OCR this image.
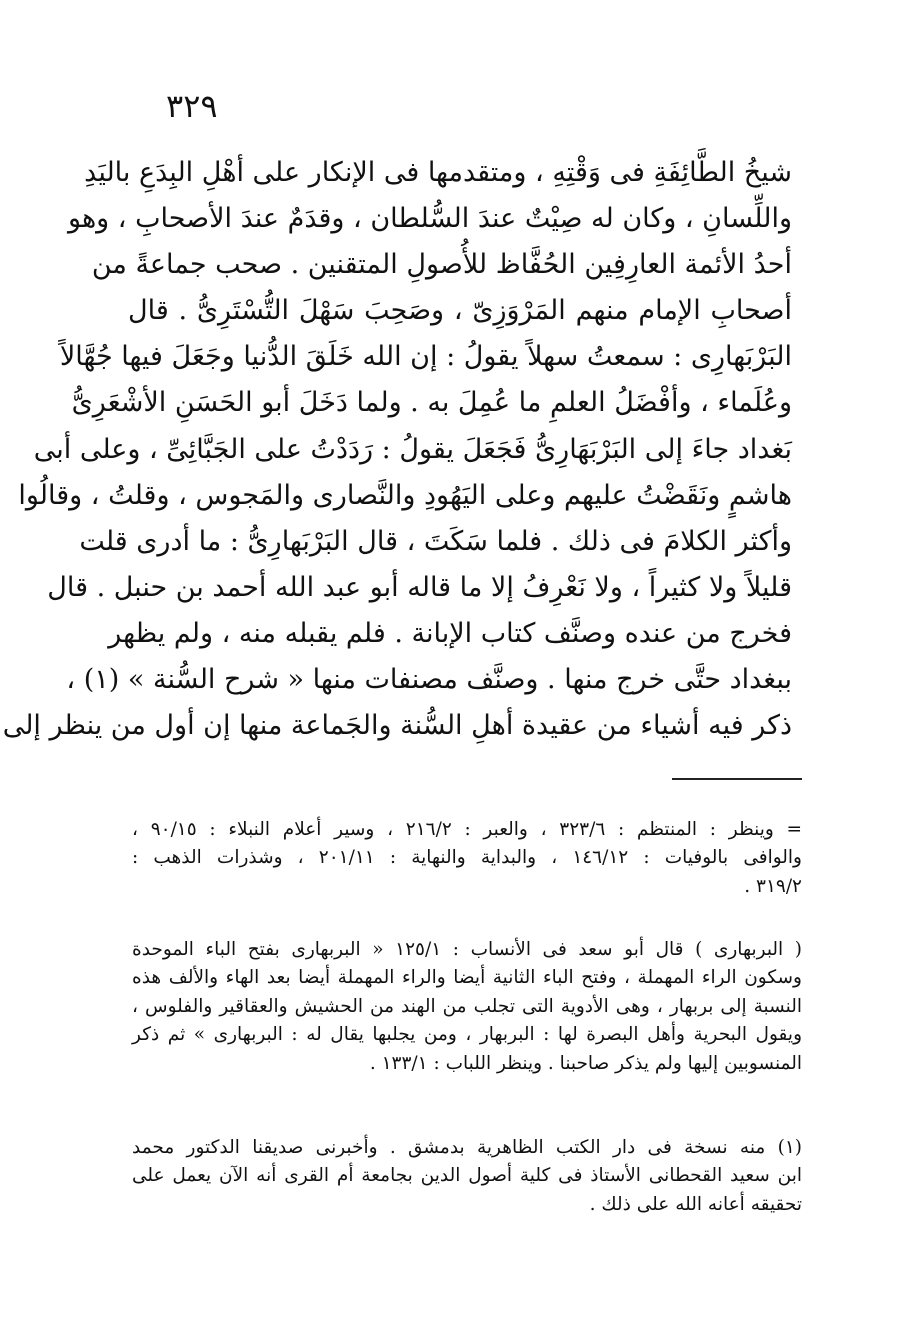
٣٢٩
شيخُ الطَّائِفَةِ فى وَقْتِهِ ، ومتقدمها فى الإنكار على أهْلِ البِدَعِ باليَدِ
واللِّسانِ ، وكان له صِيْتٌ عندَ السُّلطان ، وقدَمٌ عندَ الأصحابِ ، وهو
أحدُ الأئمة العارِفِين الحُفَّاظ للأُصولِ المتقنين . صحب جماعةً من
أصحابِ الإمام منهم المَرْوَزِىّ ، وصَحِبَ سَهْلَ التُّسْتَرِىُّ . قال
البَرْبَهارِى : سمعتُ سهلاً يقولُ : إن الله خَلَقَ الدُّنيا وجَعَلَ فيها جُهَّالاً
وعُلَماء ، وأفْضَلُ العلمِ ما عُمِلَ به . ولما دَخَلَ أبو الحَسَنِ الأشْعَرِىُّ
بَغداد جاءَ إلى البَرْبَهَارِىُّ فَجَعَلَ يقولُ : رَدَدْتُ على الجَبَّائِىِّ ، وعلى أبى
هاشمٍ ونَقَضْتُ عليهم وعلى اليَهُودِ والنَّصارى والمَجوس ، وقلتُ ، وقالُوا
وأكثر الكلامَ فى ذلك . فلما سَكَتَ ، قال البَرْبَهارِىُّ : ما أدرى قلت
قليلاً ولا كثيراً ، ولا نَعْرِفُ إلا ما قاله أبو عبد الله أحمد بن حنبل . قال
فخرج من عنده وصنَّف كتاب الإبانة . فلم يقبله منه ، ولم يظهر
ببغداد حتَّى خرج منها . وصنَّف مصنفات منها « شرح السُّنة » (١) ،
ذكر فيه أشياء من عقيدة أهلِ السُّنة والجَماعة منها إن أول من ينظر إلى
= وينظر : المنتظم : ٣٢٣/٦ ، والعبر : ٢١٦/٢ ، وسير أعلام النبلاء : ٩٠/١٥ ،
والوافى بالوفيات : ١٤٦/١٢ ، والبداية والنهاية : ٢٠١/١١ ، وشذرات الذهب :
٣١٩/٢ .
( البربهارى ) قال أبو سعد فى الأنساب : ١٢٥/١ « البربهارى بفتح الباء الموحدة
وسكون الراء المهملة ، وفتح الباء الثانية أيضا والراء المهملة أيضا بعد الهاء والألف هذه
النسبة إلى بربهار ، وهى الأدوية التى تجلب من الهند من الحشيش والعقاقير والفلوس ،
ويقول البحرية وأهل البصرة لها : البربهار ، ومن يجلبها يقال له : البربهارى » ثم ذكر
المنسوبين إليها ولم يذكر صاحبنا . وينظر اللباب : ١٣٣/١ .
(١) منه نسخة فى دار الكتب الظاهرية بدمشق . وأخبرنى صديقنا الدكتور محمد
ابن سعيد القحطانى الأستاذ فى كلية أصول الدين بجامعة أم القرى أنه الآن يعمل على
تحقيقه أعانه الله على ذلك .
